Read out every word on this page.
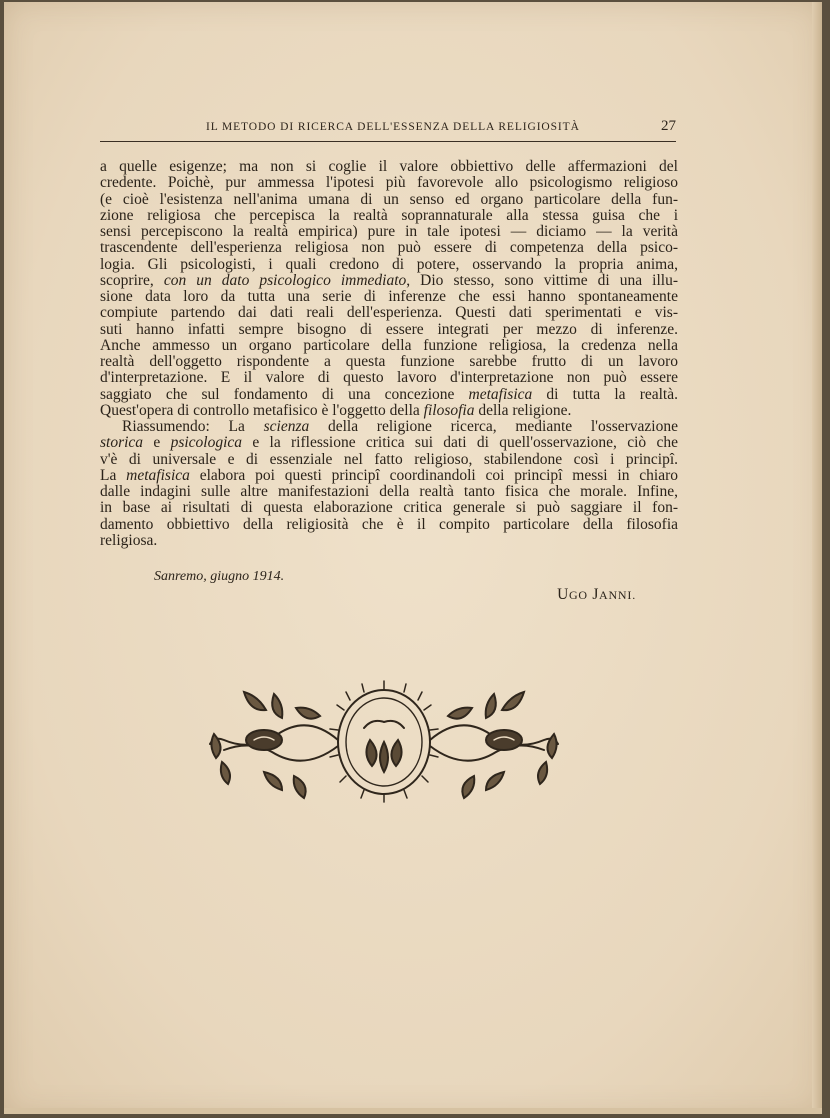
IL METODO DI RICERCA DELL'ESSENZA DELLA RELIGIOSITÀ	27
a quelle esigenze; ma non si coglie il valore obbiettivo delle affermazioni del
credente. Poichè, pur ammessa l'ipotesi più favorevole allo psicologismo religioso
(e cioè l'esistenza nell'anima umana di un senso ed organo particolare della fun-
zione religiosa che percepisca la realtà soprannaturale alla stessa guisa che i
sensi percepiscono la realtà empirica) pure in tale ipotesi — diciamo — la verità
trascendente dell'esperienza religiosa non può essere di competenza della psico-
logia. Gli psicologisti, i quali credono di potere, osservando la propria anima,
scoprire, con un dato psicologico immediato, Dio stesso, sono vittime di una illu-
sione data loro da tutta una serie di inferenze che essi hanno spontaneamente
compiute partendo dai dati reali dell'esperienza. Questi dati sperimentati e vis-
suti hanno infatti sempre bisogno di essere integrati per mezzo di inferenze.
Anche ammesso un organo particolare della funzione religiosa, la credenza nella
realtà dell'oggetto rispondente a questa funzione sarebbe frutto di un lavoro
d'interpretazione. E il valore di questo lavoro d'interpretazione non può essere
saggiato che sul fondamento di una concezione metafisica di tutta la realtà.
Quest'opera di controllo metafisico è l'oggetto della filosofia della religione.
Riassumendo: La scienza della religione ricerca, mediante l'osservazione
storica e psicologica e la riflessione critica sui dati di quell'osservazione, ciò che
v'è di universale e di essenziale nel fatto religioso, stabilendone così i principî.
La metafisica elabora poi questi principî coordinandoli coi principî messi in chiaro
dalle indagini sulle altre manifestazioni della realtà tanto fisica che morale. Infine,
in base ai risultati di questa elaborazione critica generale si può saggiare il fon-
damento obbiettivo della religiosità che è il compito particolare della filosofia
religiosa.
Sanremo, giugno 1914.
UGO JANNI.
